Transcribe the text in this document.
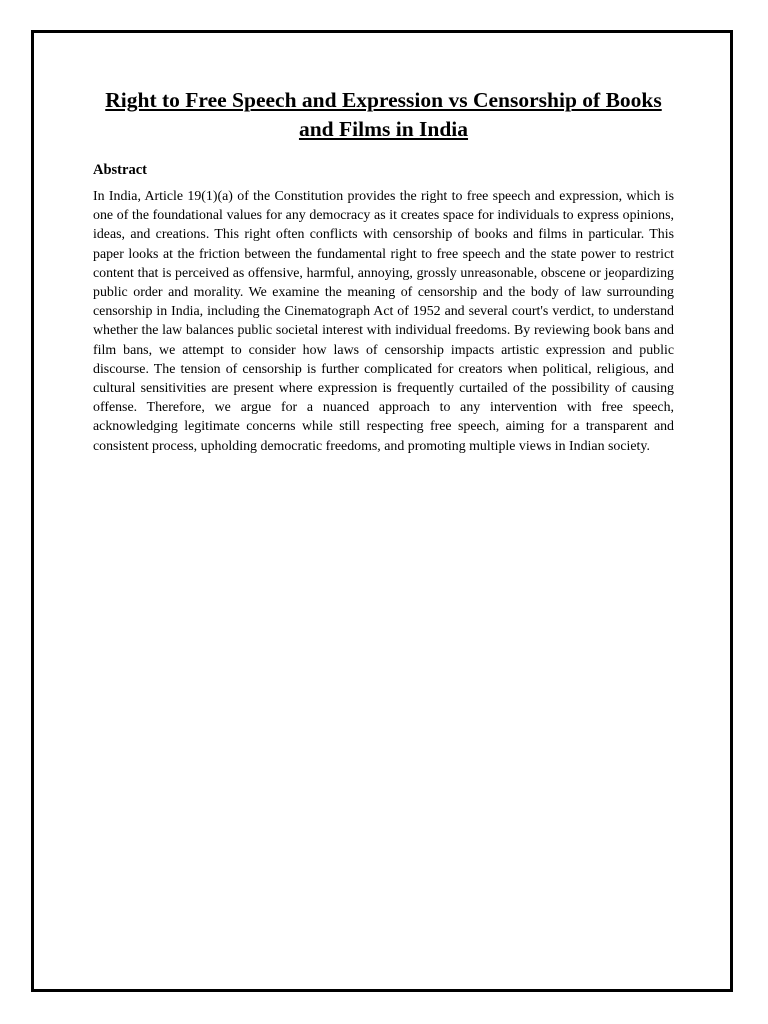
Right to Free Speech and Expression vs Censorship of Books and Films in India
Abstract

In India, Article 19(1)(a) of the Constitution provides the right to free speech and expression, which is one of the foundational values for any democracy as it creates space for individuals to express opinions, ideas, and creations. This right often conflicts with censorship of books and films in particular. This paper looks at the friction between the fundamental right to free speech and the state power to restrict content that is perceived as offensive, harmful, annoying, grossly unreasonable, obscene or jeopardizing public order and morality. We examine the meaning of censorship and the body of law surrounding censorship in India, including the Cinematograph Act of 1952 and several court's verdict, to understand whether the law balances public societal interest with individual freedoms. By reviewing book bans and film bans, we attempt to consider how laws of censorship impacts artistic expression and public discourse. The tension of censorship is further complicated for creators when political, religious, and cultural sensitivities are present where expression is frequently curtailed of the possibility of causing offense. Therefore, we argue for a nuanced approach to any intervention with free speech, acknowledging legitimate concerns while still respecting free speech, aiming for a transparent and consistent process, upholding democratic freedoms, and promoting multiple views in Indian society.
